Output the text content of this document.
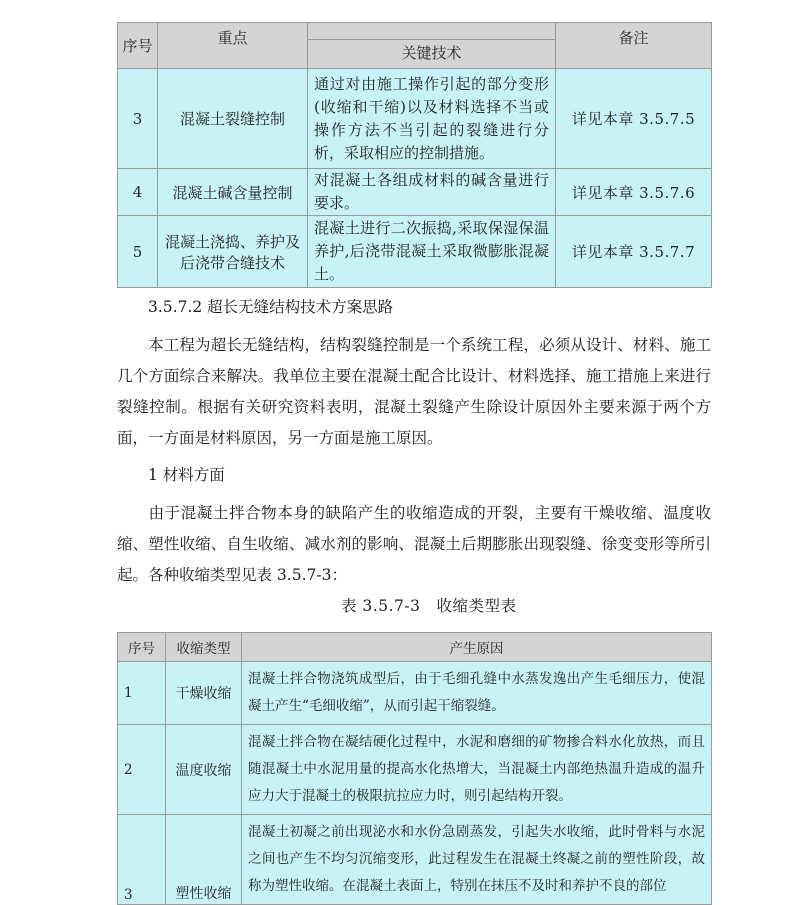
序号	重点	关键技术	备注
3	混凝土裂缝控制	通过对由施工操作引起的部分变形(收缩和干缩)以及材料选择不当或操作方法不当引起的裂缝进行分析，采取相应的控制措施。	详见本章 3.5.7.5
4	混凝土碱含量控制	对混凝土各组成材料的碱含量进行要求。	详见本章 3.5.7.6
5	混凝土浇捣、养护及后浇带合缝技术	混凝土进行二次振捣,采取保湿保温养护,后浇带混凝土采取微膨胀混凝土。	详见本章 3.5.7.7

3.5.7.2 超长无缝结构技术方案思路

本工程为超长无缝结构，结构裂缝控制是一个系统工程，必须从设计、材料、施工几个方面综合来解决。我单位主要在混凝土配合比设计、材料选择、施工措施上来进行裂缝控制。根据有关研究资料表明，混凝土裂缝产生除设计原因外主要来源于两个方面，一方面是材料原因，另一方面是施工原因。

1 材料方面

由于混凝土拌合物本身的缺陷产生的收缩造成的开裂，主要有干燥收缩、温度收缩、塑性收缩、自生收缩、减水剂的影响、混凝土后期膨胀出现裂缝、徐变变形等所引起。各种收缩类型见表 3.5.7-3：

表 3.5.7-3　收缩类型表

序号	收缩类型	产生原因
1	干燥收缩	混凝土拌合物浇筑成型后，由于毛细孔缝中水蒸发逸出产生毛细压力，使混凝土产生“毛细收缩”，从而引起干缩裂缝。
2	温度收缩	混凝土拌合物在凝结硬化过程中，水泥和磨细的矿物掺合料水化放热，而且随混凝土中水泥用量的提高水化热增大，当混凝土内部绝热温升造成的温升应力大于混凝土的极限抗拉应力时，则引起结构开裂。
3	塑性收缩	混凝土初凝之前出现泌水和水份急剧蒸发，引起失水收缩，此时骨料与水泥之间也产生不均匀沉缩变形，此过程发生在混凝土终凝之前的塑性阶段，故称为塑性收缩。在混凝土表面上，特别在抹压不及时和养护不良的部位
